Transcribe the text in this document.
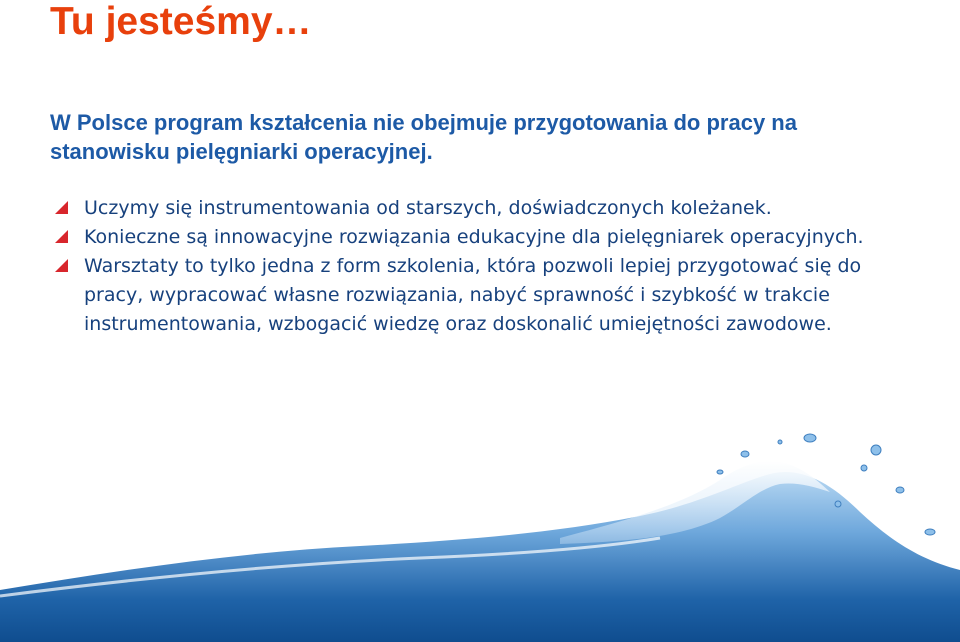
Tu jesteśmy…

W Polsce program kształcenia nie obejmuje przygotowania do pracy na stanowisku pielęgniarki operacyjnej.

Uczymy się instrumentowania od starszych, doświadczonych koleżanek.
Konieczne są innowacyjne rozwiązania edukacyjne dla pielęgniarek operacyjnych.
Warsztaty to tylko jedna z form szkolenia, która pozwoli lepiej przygotować się do pracy, wypracować własne rozwiązania, nabyć sprawność i szybkość w trakcie instrumentowania, wzbogacić wiedzę oraz doskonalić umiejętności zawodowe.
